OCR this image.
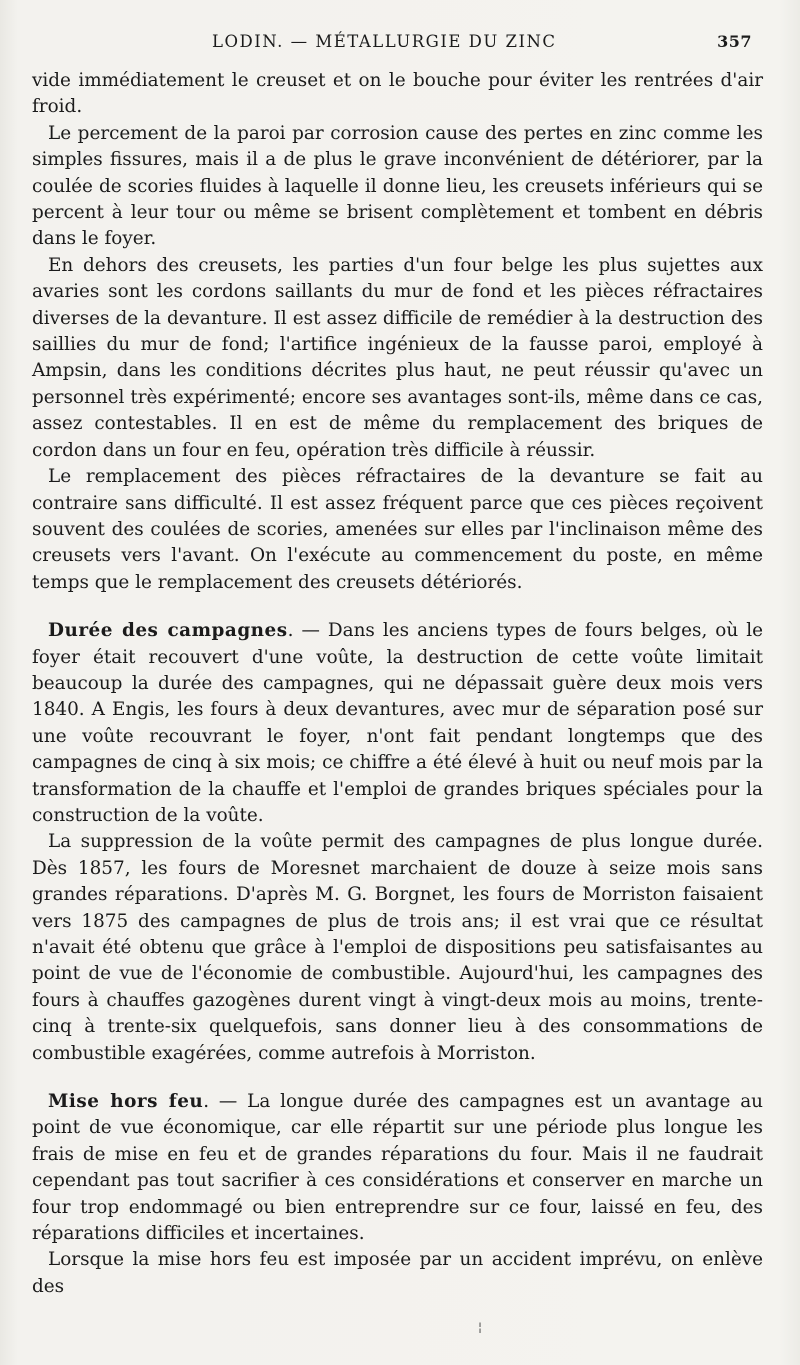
LODIN. — MÉTALLURGIE DU ZINC	357

vide immédiatement le creuset et on le bouche pour éviter les rentrées d'air froid.

Le percement de la paroi par corrosion cause des pertes en zinc comme les simples fissures, mais il a de plus le grave inconvénient de détériorer, par la coulée de scories fluides à laquelle il donne lieu, les creusets inférieurs qui se percent à leur tour ou même se brisent complètement et tombent en débris dans le foyer.

En dehors des creusets, les parties d'un four belge les plus sujettes aux avaries sont les cordons saillants du mur de fond et les pièces réfractaires diverses de la devanture. Il est assez difficile de remédier à la destruction des saillies du mur de fond; l'artifice ingénieux de la fausse paroi, employé à Ampsin, dans les conditions décrites plus haut, ne peut réussir qu'avec un personnel très expérimenté; encore ses avantages sont-ils, même dans ce cas, assez contestables. Il en est de même du remplacement des briques de cordon dans un four en feu, opération très difficile à réussir.

Le remplacement des pièces réfractaires de la devanture se fait au contraire sans difficulté. Il est assez fréquent parce que ces pièces reçoivent souvent des coulées de scories, amenées sur elles par l'inclinaison même des creusets vers l'avant. On l'exécute au commencement du poste, en même temps que le remplacement des creusets détériorés.

Durée des campagnes. — Dans les anciens types de fours belges, où le foyer était recouvert d'une voûte, la destruction de cette voûte limitait beaucoup la durée des campagnes, qui ne dépassait guère deux mois vers 1840. A Engis, les fours à deux devantures, avec mur de séparation posé sur une voûte recouvrant le foyer, n'ont fait pendant longtemps que des campagnes de cinq à six mois; ce chiffre a été élevé à huit ou neuf mois par la transformation de la chauffe et l'emploi de grandes briques spéciales pour la construction de la voûte.

La suppression de la voûte permit des campagnes de plus longue durée. Dès 1857, les fours de Moresnet marchaient de douze à seize mois sans grandes réparations. D'après M. G. Borgnet, les fours de Morriston faisaient vers 1875 des campagnes de plus de trois ans; il est vrai que ce résultat n'avait été obtenu que grâce à l'emploi de dispositions peu satisfaisantes au point de vue de l'économie de combustible. Aujourd'hui, les campagnes des fours à chauffes gazogènes durent vingt à vingt-deux mois au moins, trente-cinq à trente-six quelquefois, sans donner lieu à des consommations de combustible exagérées, comme autrefois à Morriston.

Mise hors feu. — La longue durée des campagnes est un avantage au point de vue économique, car elle répartit sur une période plus longue les frais de mise en feu et de grandes réparations du four. Mais il ne faudrait cependant pas tout sacrifier à ces considérations et conserver en marche un four trop endommagé ou bien entreprendre sur ce four, laissé en feu, des réparations difficiles et incertaines.

Lorsque la mise hors feu est imposée par un accident imprévu, on enlève des

¦
